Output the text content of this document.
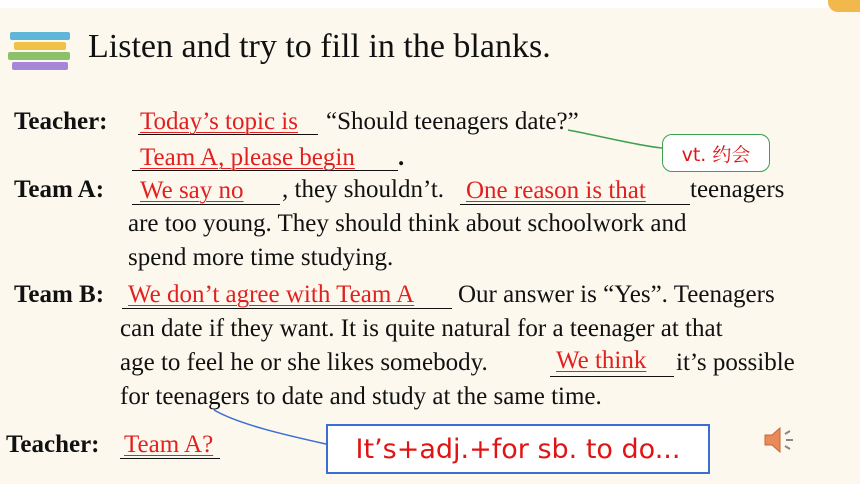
Listen and try to fill in the blanks.
Teacher: Today’s topic is “Should teenagers date?”
Team A, please begin .
Team A: We say no , they shouldn’t. One reason is that teenagers
are too young. They should think about schoolwork and
spend more time studying.
Team B: We don’t agree with Team A Our answer is “Yes”. Teenagers
can date if they want. It is quite natural for a teenager at that
age to feel he or she likes somebody.	We think it’s possible
for teenagers to date and study at the same time.
Teacher: Team A?
vt. 约会
It’s+adj.+for sb. to do...
